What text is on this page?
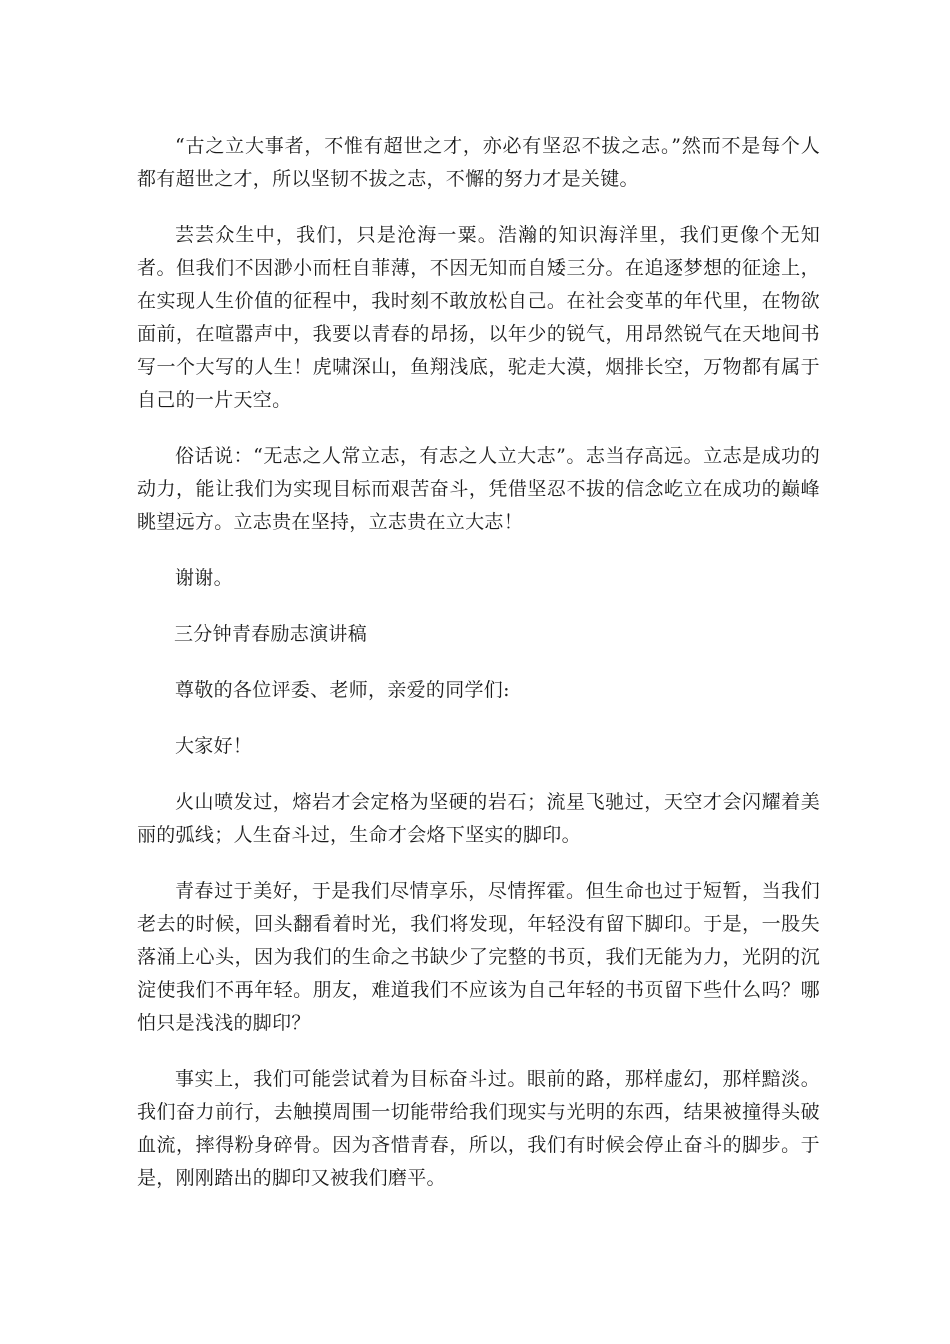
“古之立大事者，不惟有超世之才，亦必有坚忍不拔之志。”然而不是每个人都有超世之才，所以坚韧不拔之志，不懈的努力才是关键。

芸芸众生中，我们，只是沧海一粟。浩瀚的知识海洋里，我们更像个无知者。但我们不因渺小而枉自菲薄，不因无知而自矮三分。在追逐梦想的征途上，在实现人生价值的征程中，我时刻不敢放松自己。在社会变革的年代里，在物欲面前，在喧嚣声中，我要以青春的昂扬，以年少的锐气，用昂然锐气在天地间书写一个大写的人生！虎啸深山，鱼翔浅底，驼走大漠，烟排长空，万物都有属于自己的一片天空。

俗话说：“无志之人常立志，有志之人立大志”。志当存高远。立志是成功的动力，能让我们为实现目标而艰苦奋斗，凭借坚忍不拔的信念屹立在成功的巅峰眺望远方。立志贵在坚持，立志贵在立大志！

谢谢。

三分钟青春励志演讲稿

尊敬的各位评委、老师，亲爱的同学们:

大家好！

火山喷发过，熔岩才会定格为坚硬的岩石；流星飞驰过，天空才会闪耀着美丽的弧线；人生奋斗过，生命才会烙下坚实的脚印。

青春过于美好，于是我们尽情享乐，尽情挥霍。但生命也过于短暂，当我们老去的时候，回头翻看着时光，我们将发现，年轻没有留下脚印。于是，一股失落涌上心头，因为我们的生命之书缺少了完整的书页，我们无能为力，光阴的沉淀使我们不再年轻。朋友，难道我们不应该为自己年轻的书页留下些什么吗？哪怕只是浅浅的脚印？

事实上，我们可能尝试着为目标奋斗过。眼前的路，那样虚幻，那样黯淡。我们奋力前行，去触摸周围一切能带给我们现实与光明的东西，结果被撞得头破血流，摔得粉身碎骨。因为吝惜青春，所以，我们有时候会停止奋斗的脚步。于是，刚刚踏出的脚印又被我们磨平。
